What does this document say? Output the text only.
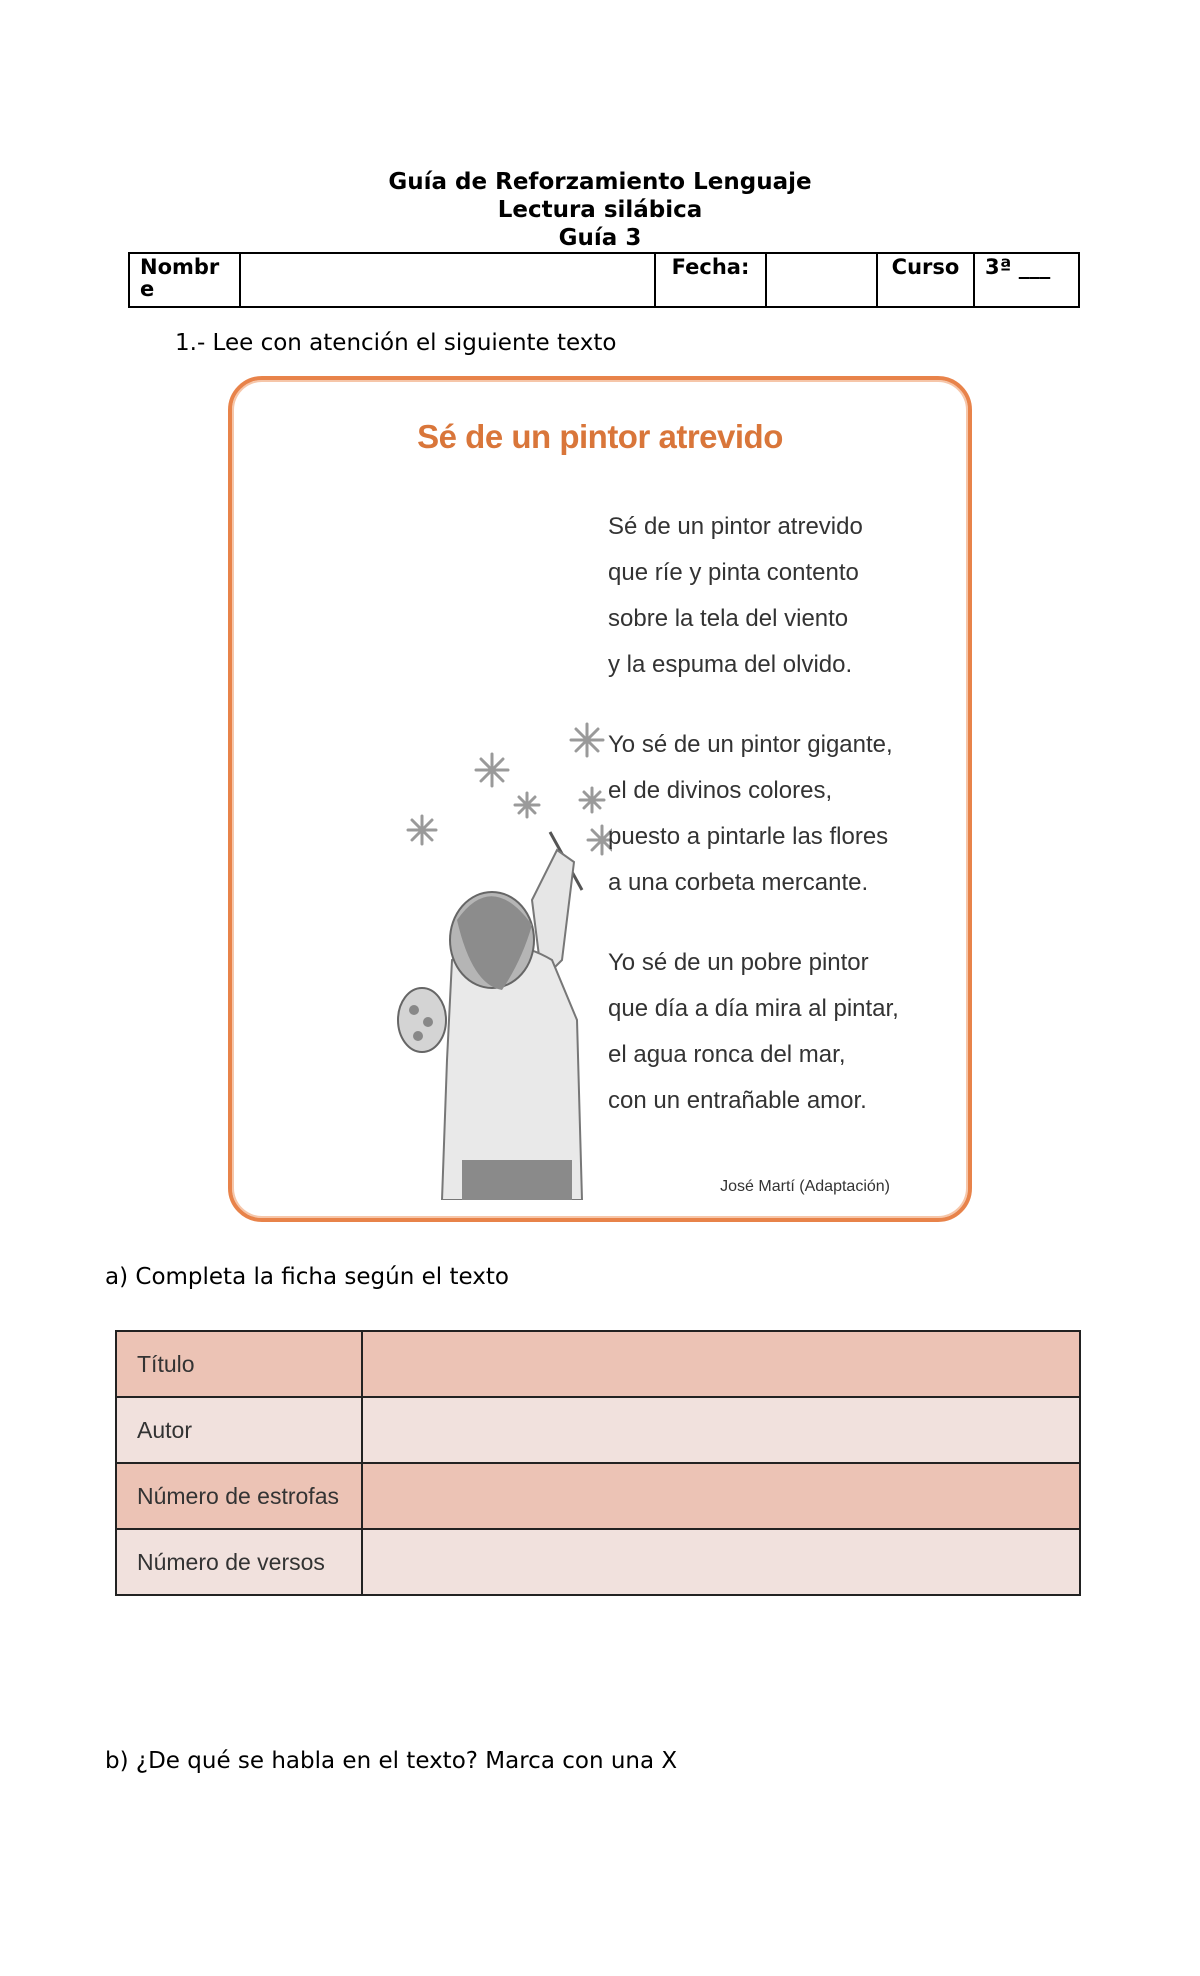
Guía de Reforzamiento Lenguaje
Lectura silábica
Guía 3
Nombr e		Fecha:		Curso	3ª ___
1.- Lee con atención el siguiente texto
Sé de un pintor atrevido
Sé de un pintor atrevido
que ríe y pinta contento
sobre la tela del viento
y la espuma del olvido.
Yo sé de un pintor gigante,
el de divinos colores,
puesto a pintarle las flores
a una corbeta mercante.
Yo sé de un pobre pintor
que día a día mira al pintar,
el agua ronca del mar,
con un entrañable amor.
José Martí (Adaptación)
a) Completa la ficha según el texto
Título	
Autor	
Número de estrofas	
Número de versos	
b) ¿De qué se habla en el texto? Marca con una X
